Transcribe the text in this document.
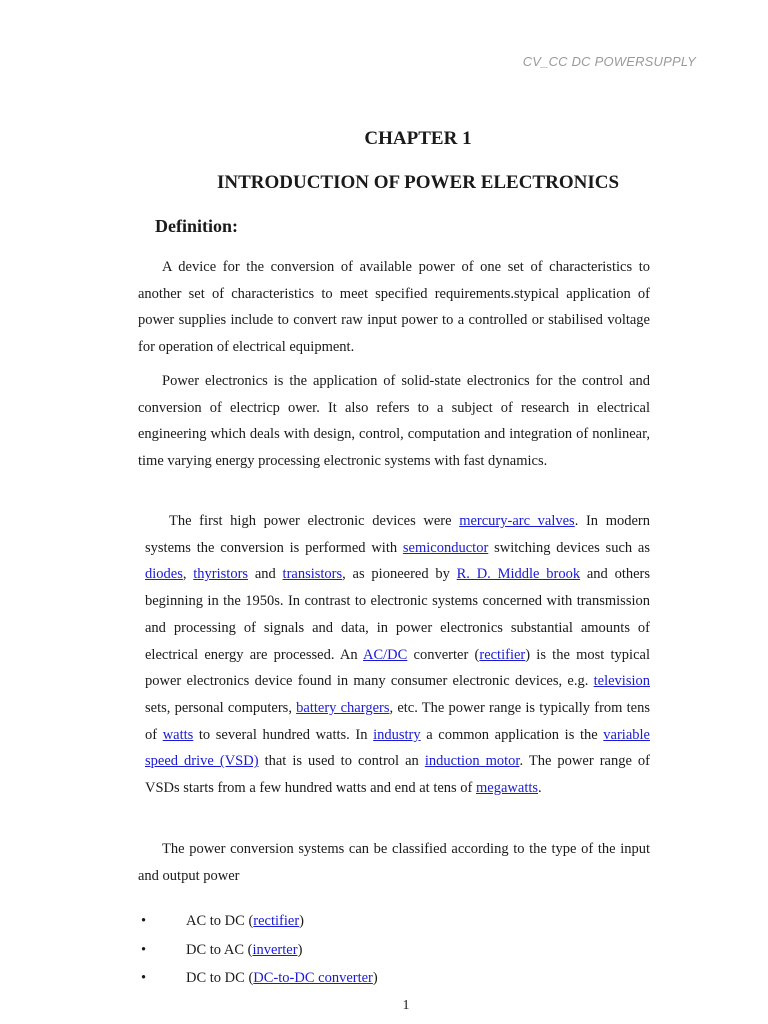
CV_CC DC POWERSUPPLY
CHAPTER 1
INTRODUCTION OF POWER ELECTRONICS
Definition:

A device for the conversion of available power of one set of characteristics to another set of characteristics to meet specified requirements.stypical application of power supplies include to convert raw input power to a controlled or stabilised voltage for operation of electrical equipment.

Power electronics is the application of solid-state electronics for the control and conversion of electricp ower. It also refers to a subject of research in electrical engineering which deals with design, control, computation and integration of nonlinear, time varying energy processing electronic systems with fast dynamics.

The first high power electronic devices were mercury-arc valves. In modern systems the conversion is performed with semiconductor switching devices such as diodes, thyristors and transistors, as pioneered by R. D. Middle brook and others beginning in the 1950s. In contrast to electronic systems concerned with transmission and processing of signals and data, in power electronics substantial amounts of electrical energy are processed. An AC/DC converter (rectifier) is the most typical power electronics device found in many consumer electronic devices, e.g. television sets, personal computers, battery chargers, etc. The power range is typically from tens of watts to several hundred watts. In industry a common application is the variable speed drive (VSD) that is used to control an induction motor. The power range of VSDs starts from a few hundred watts and end at tens of megawatts.

The power conversion systems can be classified according to the type of the input and output power

•	AC to DC (rectifier)
•	DC to AC (inverter)
•	DC to DC (DC-to-DC converter)
1
